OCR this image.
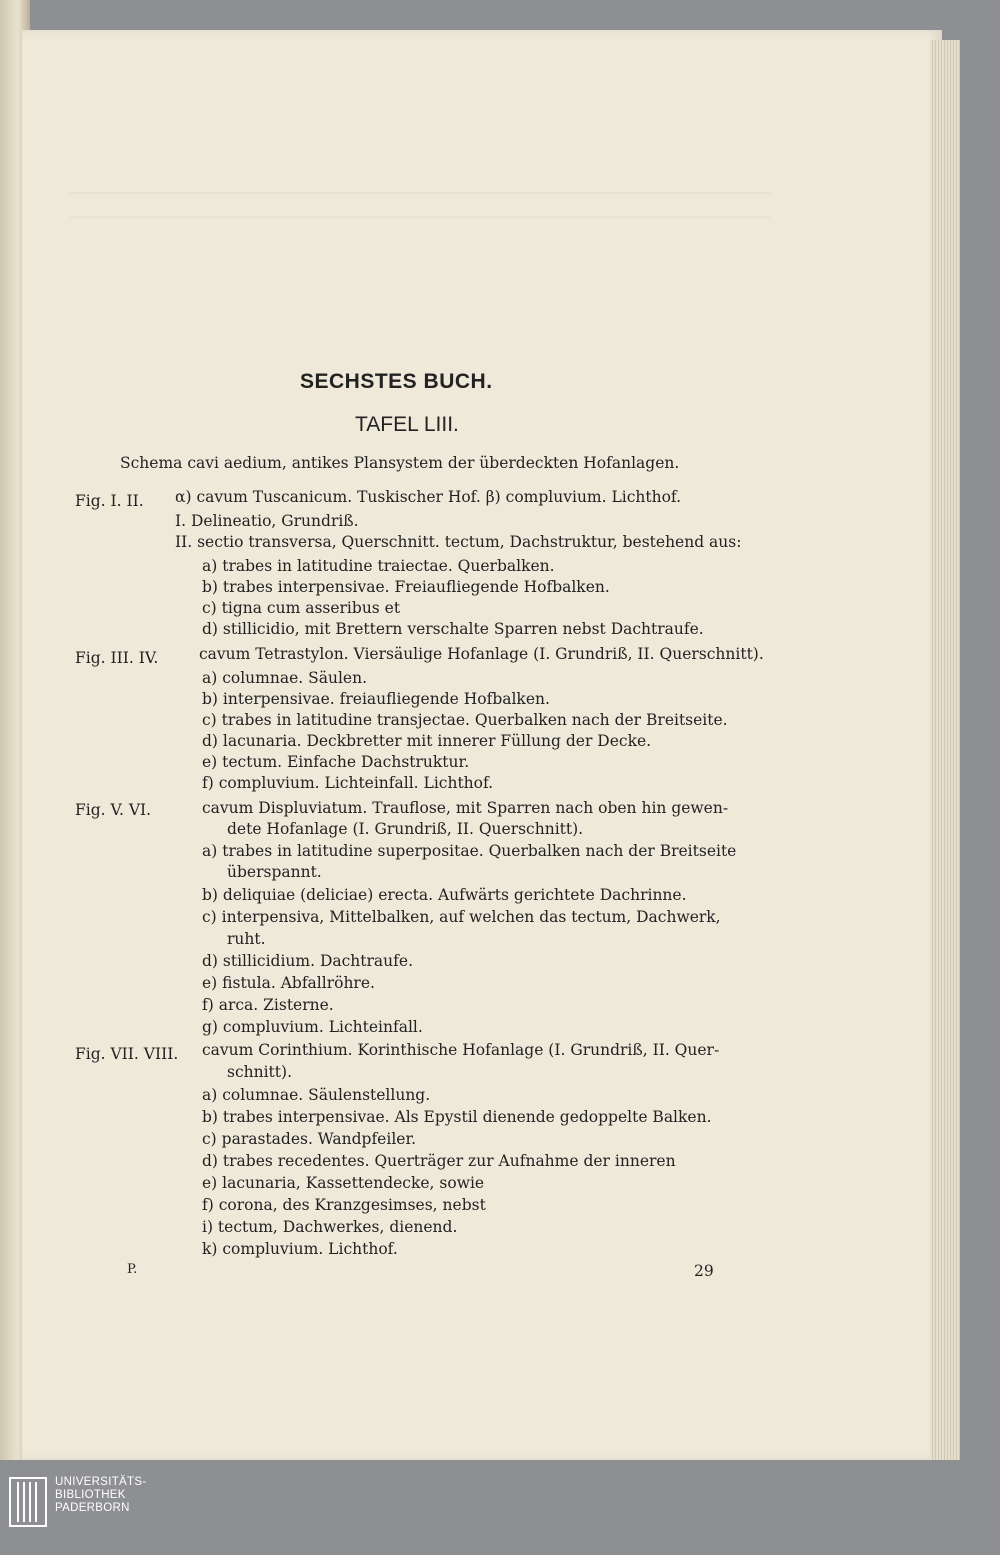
SECHSTES BUCH.
TAFEL LIII.
Schema cavi aedium, antikes Plansystem der überdeckten Hofanlagen.
Fig. I. II. α) cavum Tuscanicum. Tuskischer Hof. β) compluvium. Lichthof.
I. Delineatio, Grundriß.
II. sectio transversa, Querschnitt. tectum, Dachstruktur, bestehend aus:
a) trabes in latitudine traiectae. Querbalken.
b) trabes interpensivae. Freiaufliegende Hofbalken.
c) tigna cum asseribus et
d) stillicidio, mit Brettern verschalte Sparren nebst Dachtraufe.
Fig. III. IV.	cavum Tetrastylon. Viersäulige Hofanlage (I. Grundriß, II. Querschnitt).
a) columnae. Säulen.
b) interpensivae. freiaufliegende Hofbalken.
c) trabes in latitudine transjectae. Querbalken nach der Breitseite.
d) lacunaria. Deckbretter mit innerer Füllung der Decke.
e) tectum. Einfache Dachstruktur.
f) compluvium. Lichteinfall. Lichthof.
Fig. V. VI.	cavum Displuviatum. Trauflose, mit Sparren nach oben hin gewen-
dete Hofanlage (I. Grundriß, II. Querschnitt).
a) trabes in latitudine superpositae. Querbalken nach der Breitseite
überspannt.
b) deliquiae (deliciae) erecta. Aufwärts gerichtete Dachrinne.
c) interpensiva, Mittelbalken, auf welchen das tectum, Dachwerk,
ruht.
d) stillicidium. Dachtraufe.
e) fistula. Abfallröhre.
f) arca. Zisterne.
g) compluvium. Lichteinfall.
Fig. VII. VIII. cavum Corinthium. Korinthische Hofanlage (I. Grundriß, II. Quer-
schnitt).
a) columnae. Säulenstellung.
b) trabes interpensivae. Als Epystil dienende gedoppelte Balken.
c) parastades. Wandpfeiler.
d) trabes recedentes. Querträger zur Aufnahme der inneren
e) lacunaria, Kassettendecke, sowie
f) corona, des Kranzgesimses, nebst
i) tectum, Dachwerkes, dienend.
k) compluvium. Lichthof.
P.	29
UNIVERSITÄTS-
BIBLIOTHEK
PADERBORN
